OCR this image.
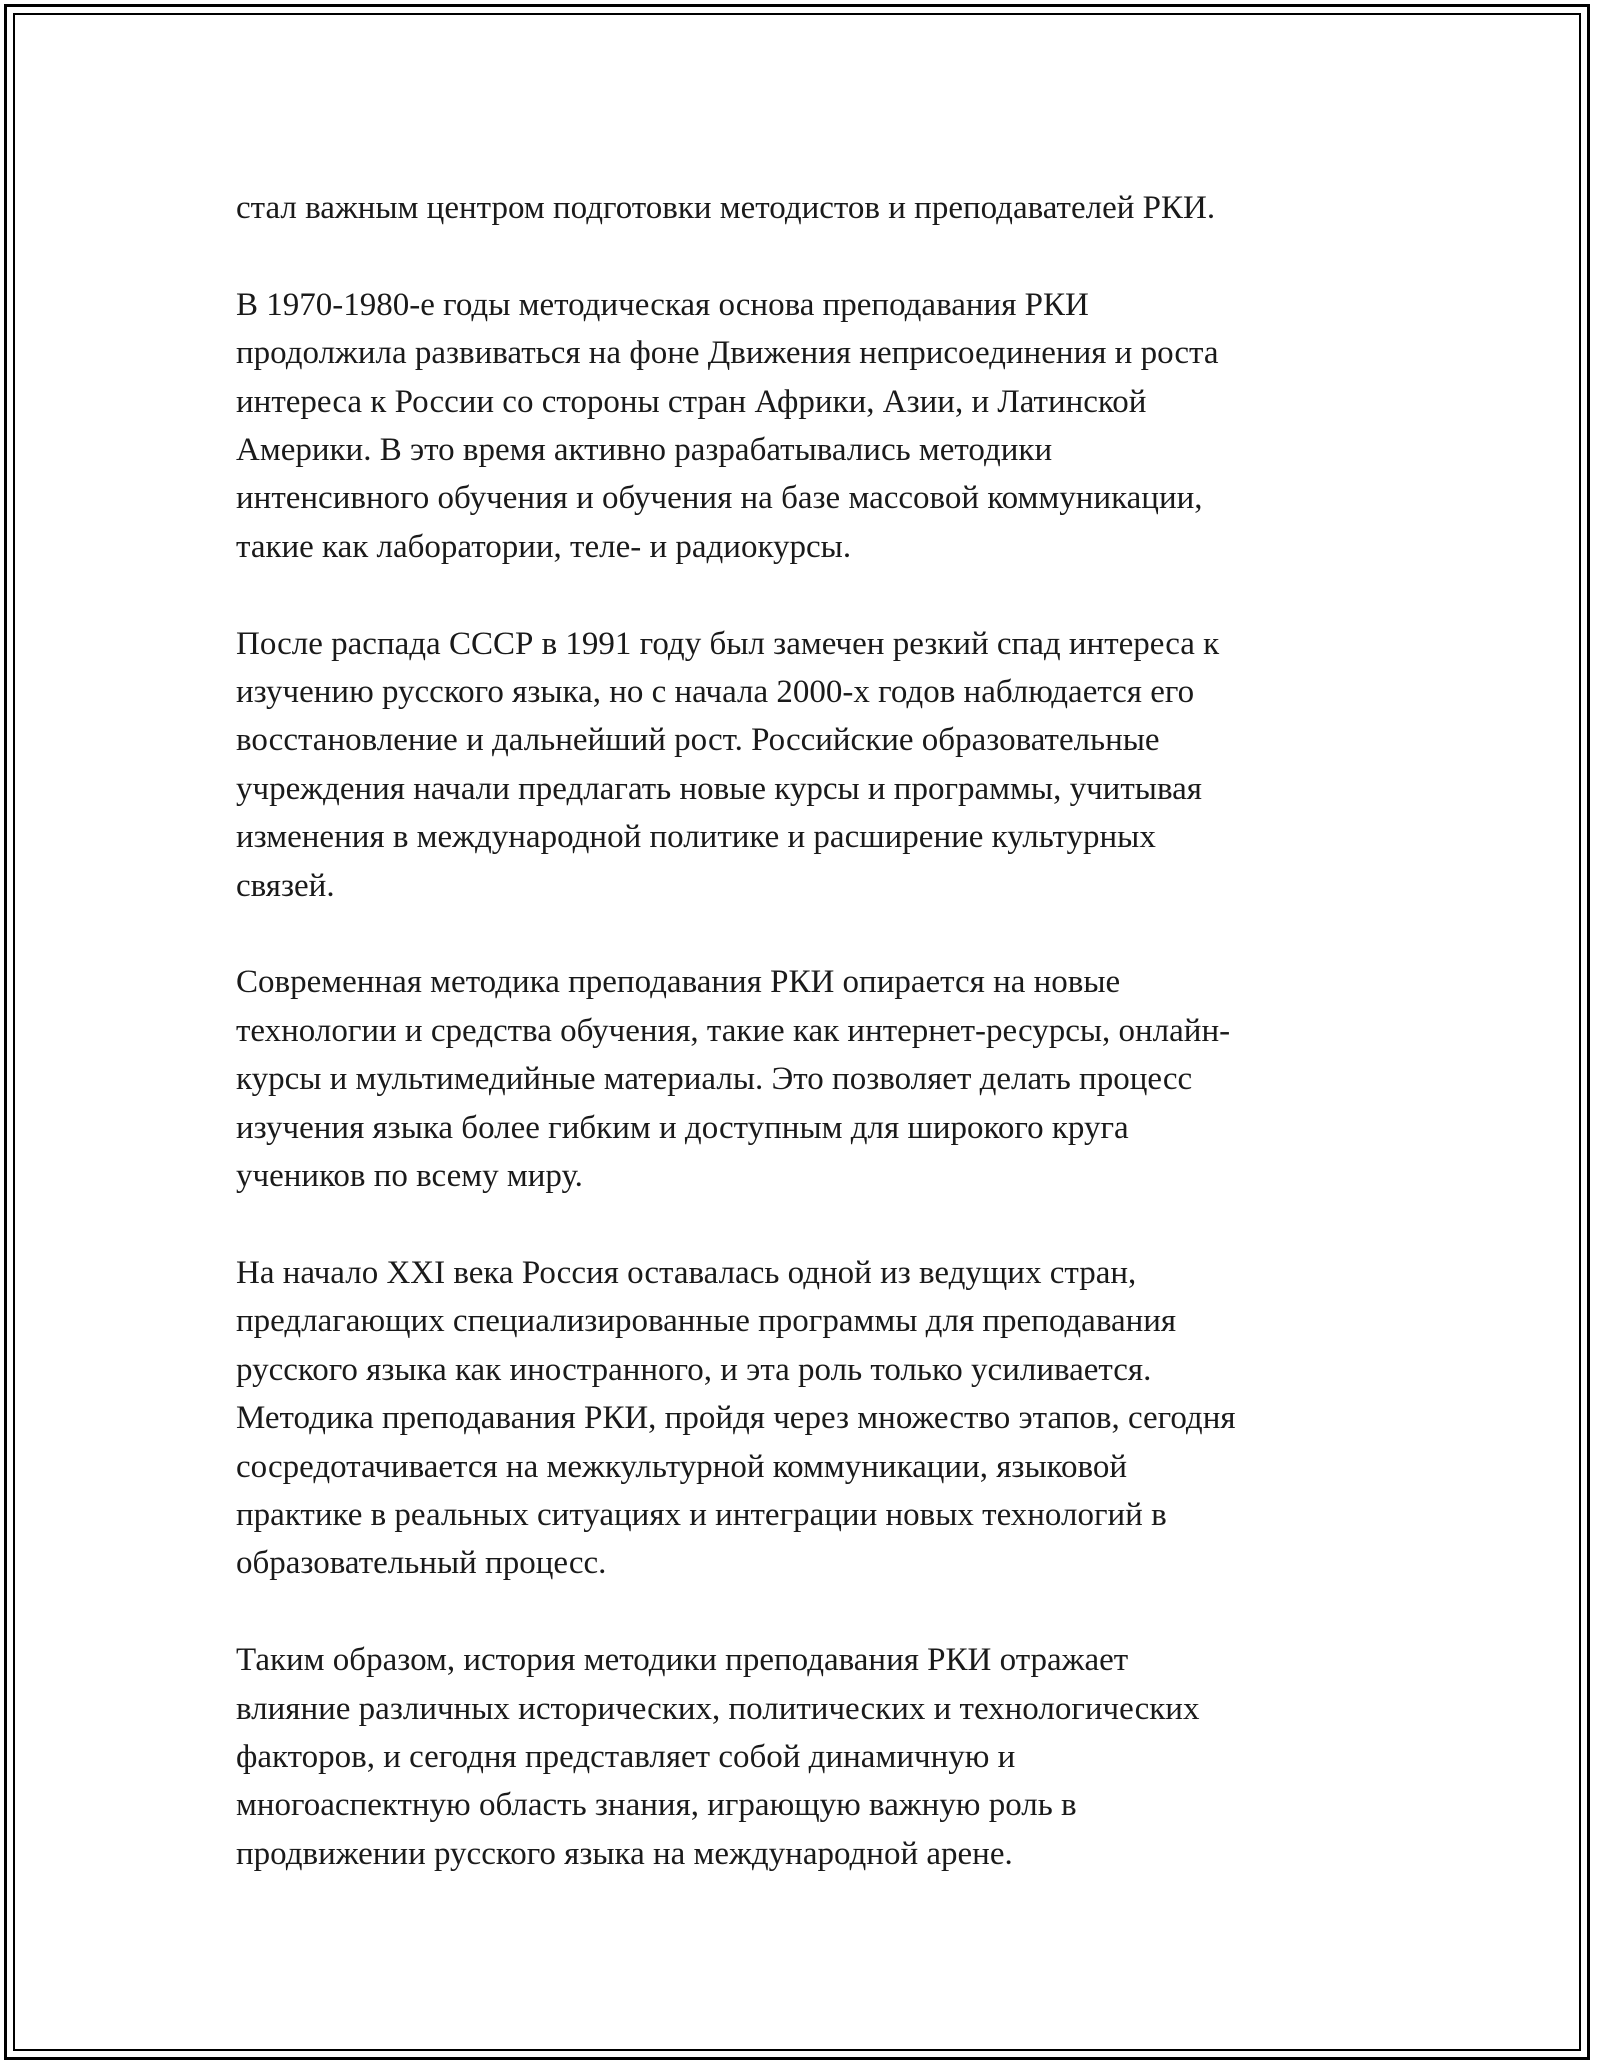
стал важным центром подготовки методистов и преподавателей РКИ.

В 1970-1980-е годы методическая основа преподавания РКИ
продолжила развиваться на фоне Движения неприсоединения и роста
интереса к России со стороны стран Африки, Азии, и Латинской
Америки. В это время активно разрабатывались методики
интенсивного обучения и обучения на базе массовой коммуникации,
такие как лаборатории, теле- и радиокурсы.

После распада СССР в 1991 году был замечен резкий спад интереса к
изучению русского языка, но с начала 2000-х годов наблюдается его
восстановление и дальнейший рост. Российские образовательные
учреждения начали предлагать новые курсы и программы, учитывая
изменения в международной политике и расширение культурных
связей.

Современная методика преподавания РКИ опирается на новые
технологии и средства обучения, такие как интернет-ресурсы, онлайн-
курсы и мультимедийные материалы. Это позволяет делать процесс
изучения языка более гибким и доступным для широкого круга
учеников по всему миру.

На начало XXI века Россия оставалась одной из ведущих стран,
предлагающих специализированные программы для преподавания
русского языка как иностранного, и эта роль только усиливается.
Методика преподавания РКИ, пройдя через множество этапов, сегодня
сосредотачивается на межкультурной коммуникации, языковой
практике в реальных ситуациях и интеграции новых технологий в
образовательный процесс.

Таким образом, история методики преподавания РКИ отражает
влияние различных исторических, политических и технологических
факторов, и сегодня представляет собой динамичную и
многоаспектную область знания, играющую важную роль в
продвижении русского языка на международной арене.
